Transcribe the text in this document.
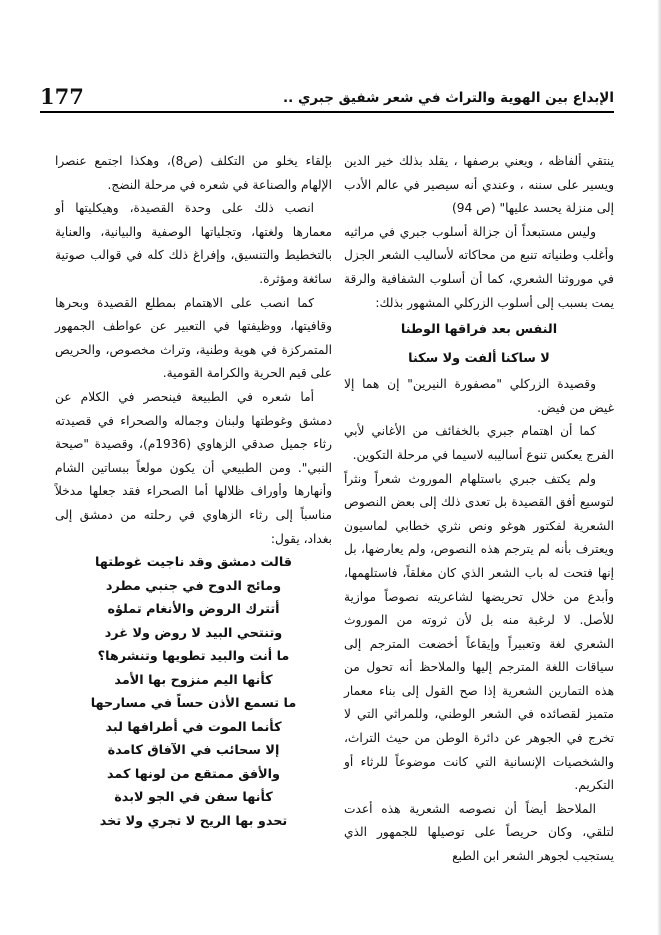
177	الإبداع بين الهوية والتراث في شعر شفيق جبري ..

ينتقي ألفاظه ، ويعني برصفها ، يقلد بذلك خير الدين ويسير على سننه ، وعندي أنه سيصير في عالم الأدب إلى منزلة يحسد عليها" (ص 94)

وليس مستبعداً أن جزالة أسلوب جبري في مراثيه وأغلب وطنياته تنبع من محاكاته لأساليب الشعر الجزل في موروثنا الشعري، كما أن أسلوب الشفافية والرقة يمت بسبب إلى أسلوب الزركلي المشهور بذلك:

النفس بعد فراقها الوطنا

لا ساكنا ألفت ولا سكنا

وقصيدة الزركلي "مصفورة النيرين" إن هما إلا غيض من فيض.

كما أن اهتمام جبري بالخفائف من الأغاني لأبي الفرج يعكس تنوع أساليبه لاسيما في مرحلة التكوين.

ولم يكتف جبري باستلهام الموروث شعراً ونثراً لتوسيع أفق القصيدة بل تعدى ذلك إلى بعض النصوص الشعرية لفكتور هوغو ونص نثري خطابي لماسيون ويعترف بأنه لم يترجم هذه النصوص، ولم يعارضها، بل إنها فتحت له باب الشعر الذي كان مغلقاً، فاستلهمها، وأبدع من خلال تحريضها لشاعريته نصوصاً موازية للأصل. لا لرغبة منه بل لأن ثروته من الموروث الشعري لغة وتعبيراً وإيقاعاً أخضعت المترجم إلى سياقات اللغة المترجم إليها والملاحظ أنه تحول من هذه التمارين الشعرية إذا صح القول إلى بناء معمار متميز لقصائده في الشعر الوطني، وللمراثي التي لا تخرج في الجوهر عن دائرة الوطن من حيث التراث، والشخصيات الإنسانية التي كانت موضوعاً للرثاء أو التكريم.

الملاحظ أيضاً أن نصوصه الشعرية هذه أعدت لتلقي، وكان حريصاً على توصيلها للجمهور الذي يستجيب لجوهر الشعر ابن الطبع

بإلقاء يخلو من التكلف (ص8)، وهكذا اجتمع عنصرا الإلهام والصناعة في شعره في مرحلة النضج.

انصب ذلك على وحدة القصيدة، وهيكليتها أو معمارها ولغتها، وتجلياتها الوصفية والبيانية، والعناية بالتخطيط والتنسيق، وإفراغ ذلك كله في قوالب صوتية سائغة ومؤثرة.

كما انصب على الاهتمام بمطلع القصيدة وبحرها وقافيتها، ووظيفتها في التعبير عن عواطف الجمهور المتمركزة في هوية وطنية، وتراث مخصوص، والحريص على قيم الحرية والكرامة القومية.

أما شعره في الطبيعة فينحصر في الكلام عن دمشق وغوطتها ولبنان وجماله والصحراء في قصيدته رثاء جميل صدقي الزهاوي (1936م)، وقصيدة "صيحة النبي". ومن الطبيعي أن يكون مولعاً ببساتين الشام وأنهارها وأوراف ظلالها أما الصحراء فقد جعلها مدخلاً مناسباً إلى رثاء الزهاوي في رحلته من دمشق إلى بغداد، يقول:

قالت دمشق وقد ناجيت غوطتها

ومائج الدوح في جنبي مطرد

أتترك الروض والأنغام تملؤه

وتنتحي البيد لا روض ولا غرد

ما أنت والبيد تطويها وتنشرها؟

كأنها اليم منزوح بها الأمد

ما تسمع الأذن حساً في مسارحها

كأنما الموت في أطرافها لبد

إلا سحائب في الآفاق كامدة

والأفق ممتقع من لونها كمد

كأنها سفن في الجو لابدة

تحدو بها الريح لا تجري ولا تخد
